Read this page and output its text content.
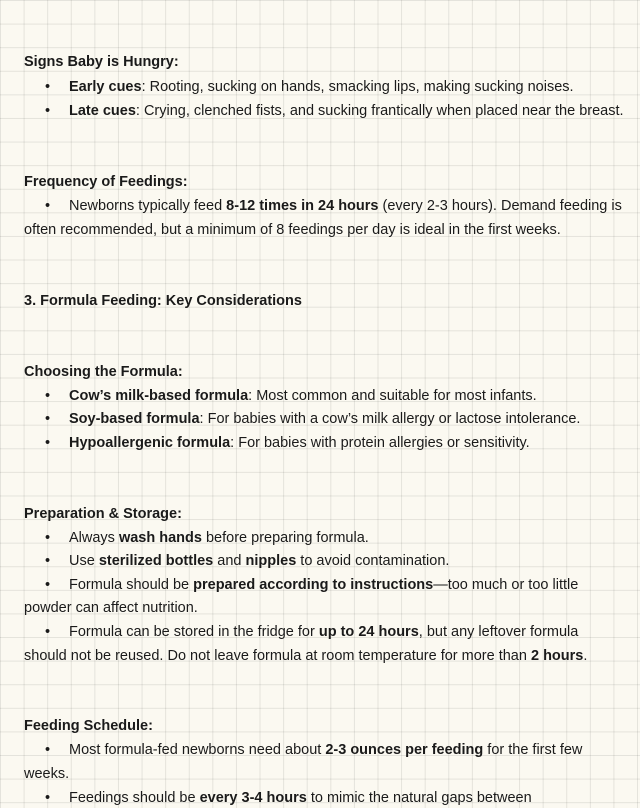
Signs Baby is Hungry:
• Early cues: Rooting, sucking on hands, smacking lips, making sucking noises.
• Late cues: Crying, clenched fists, and sucking frantically when placed near the breast.
Frequency of Feedings:
• Newborns typically feed 8-12 times in 24 hours (every 2-3 hours). Demand feeding is
often recommended, but a minimum of 8 feedings per day is ideal in the first weeks.
3. Formula Feeding: Key Considerations
Choosing the Formula:
• Cow’s milk-based formula: Most common and suitable for most infants.
• Soy-based formula: For babies with a cow’s milk allergy or lactose intolerance.
• Hypoallergenic formula: For babies with protein allergies or sensitivity.
Preparation & Storage:
• Always wash hands before preparing formula.
• Use sterilized bottles and nipples to avoid contamination.
• Formula should be prepared according to instructions—too much or too little
powder can affect nutrition.
• Formula can be stored in the fridge for up to 24 hours, but any leftover formula
should not be reused. Do not leave formula at room temperature for more than 2 hours.
Feeding Schedule:
• Most formula-fed newborns need about 2-3 ounces per feeding for the first few
weeks.
• Feedings should be every 3-4 hours to mimic the natural gaps between
